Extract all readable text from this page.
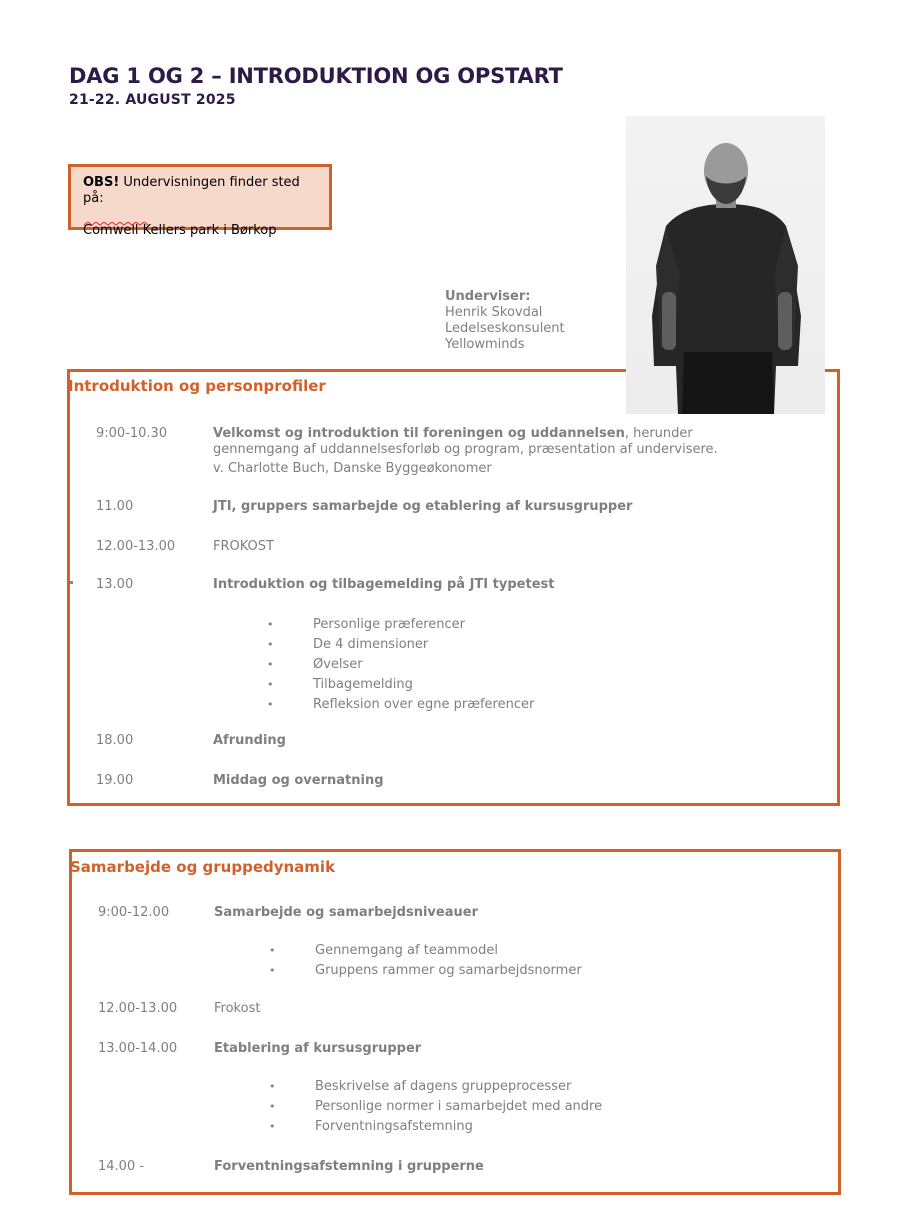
DAG 1 OG 2 – INTRODUKTION OG OPSTART
21-22. AUGUST 2025
OBS! Undervisningen finder sted på:
Comwell Kellers park i Børkop
Underviser:
Henrik Skovdal
Ledelseskonsulent
Yellowminds
Introduktion og personprofiler
9:00-10.30	Velkomst og introduktion til foreningen og uddannelsen, herunder gennemgang af uddannelsesforløb og program, præsentation af undervisere.
v. Charlotte Buch, Danske Byggeøkonomer
11.00	JTI, gruppers samarbejde og etablering af kursusgrupper
12.00-13.00	FROKOST
13.00	Introduktion og tilbagemelding på JTI typetest
•	Personlige præferencer
•	De 4 dimensioner
•	Øvelser
•	Tilbagemelding
•	Refleksion over egne præferencer
18.00	Afrunding
19.00	Middag og overnatning
Samarbejde og gruppedynamik
9:00-12.00	Samarbejde og samarbejdsniveauer
•	Gennemgang af teammodel
•	Gruppens rammer og samarbejdsnormer
12.00-13.00	Frokost
13.00-14.00	Etablering af kursusgrupper
•	Beskrivelse af dagens gruppeprocesser
•	Personlige normer i samarbejdet med andre
•	Forventningsafstemning
14.00 -	Forventningsafstemning i grupperne
